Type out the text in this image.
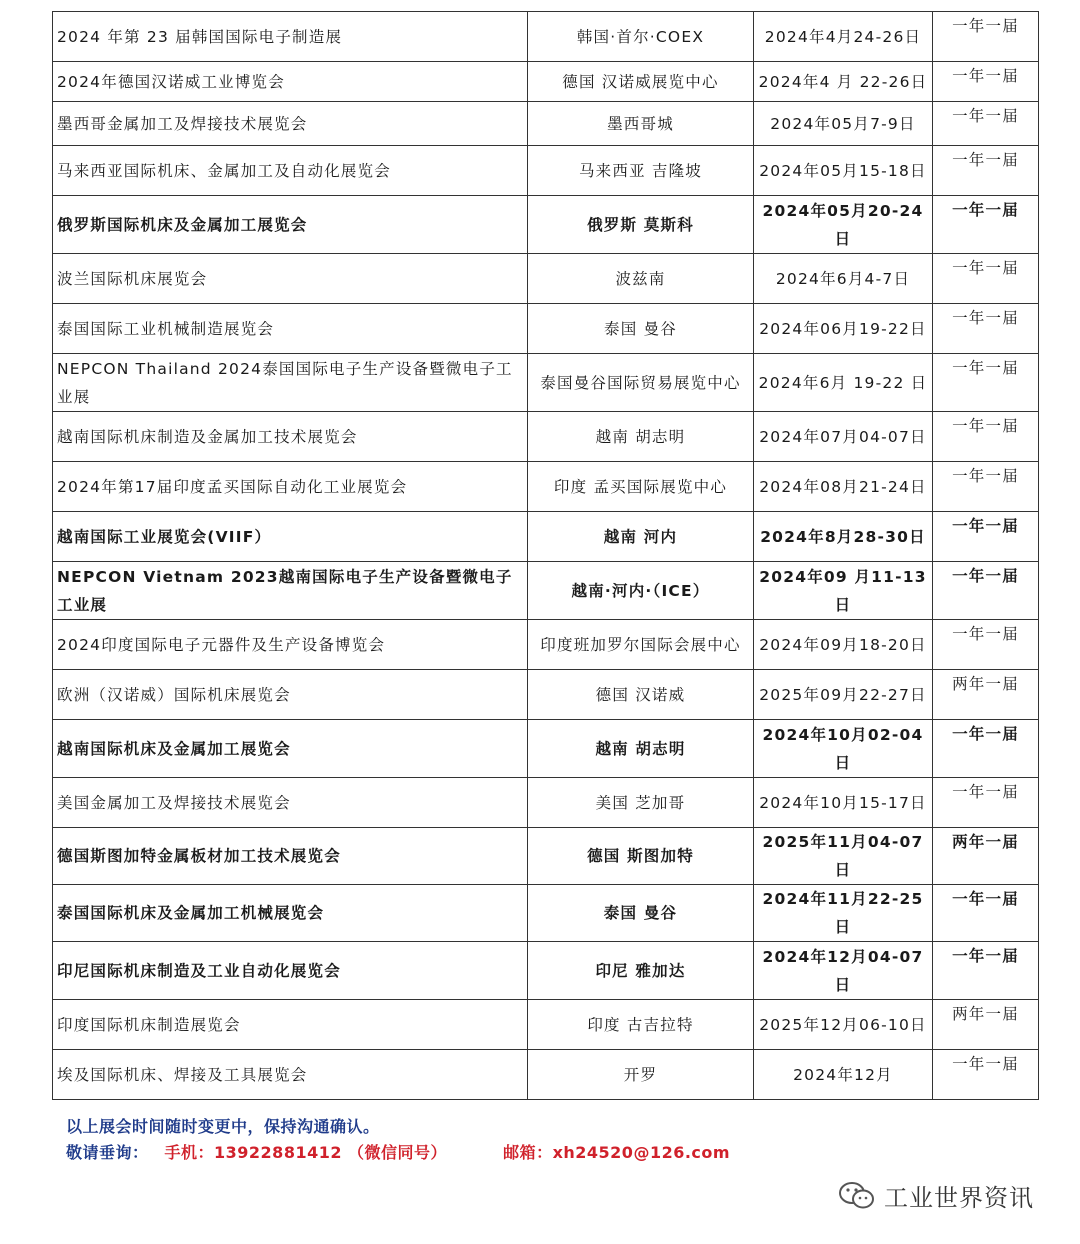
2024 年第 23 届韩国国际电子制造展	韩国·首尔·COEX	2024年4月24-26日	一年一届
2024年德国汉诺威工业博览会	德国 汉诺威展览中心	2024年4 月 22-26日	一年一届
墨西哥金属加工及焊接技术展览会	墨西哥城	2024年05月7-9日	一年一届
马来西亚国际机床、金属加工及自动化展览会	马来西亚 吉隆坡	2024年05月15-18日	一年一届
俄罗斯国际机床及金属加工展览会	俄罗斯 莫斯科	2024年05月20-24日	一年一届
波兰国际机床展览会	波兹南	2024年6月4-7日	一年一届
泰国国际工业机械制造展览会	泰国 曼谷	2024年06月19-22日	一年一届
NEPCON Thailand 2024泰国国际电子生产设备暨微电子工业展	泰国曼谷国际贸易展览中心	2024年6月 19-22 日	一年一届
越南国际机床制造及金属加工技术展览会	越南 胡志明	2024年07月04-07日	一年一届
2024年第17届印度孟买国际自动化工业展览会	印度 孟买国际展览中心	2024年08月21-24日	一年一届
越南国际工业展览会(VIIF）	越南 河内	2024年8月28-30日	一年一届
NEPCON Vietnam 2023越南国际电子生产设备暨微电子工业展	越南·河内·（ICE）	2024年09 月11-13日	一年一届
2024印度国际电子元器件及生产设备博览会	印度班加罗尔国际会展中心	2024年09月18-20日	一年一届
欧洲（汉诺威）国际机床展览会	德国 汉诺威	2025年09月22-27日	两年一届
越南国际机床及金属加工展览会	越南 胡志明	2024年10月02-04日	一年一届
美国金属加工及焊接技术展览会	美国 芝加哥	2024年10月15-17日	一年一届
德国斯图加特金属板材加工技术展览会	德国 斯图加特	2025年11月04-07日	两年一届
泰国国际机床及金属加工机械展览会	泰国 曼谷	2024年11月22-25日	一年一届
印尼国际机床制造及工业自动化展览会	印尼 雅加达	2024年12月04-07日	一年一届
印度国际机床制造展览会	印度 古吉拉特	2025年12月06-10日	两年一届
埃及国际机床、焊接及工具展览会	开罗	2024年12月	一年一届
以上展会时间随时变更中，保持沟通确认。
敬请垂询： 手机：13922881412 （微信同号）	邮箱：xh24520@126.com
工业世界资讯
